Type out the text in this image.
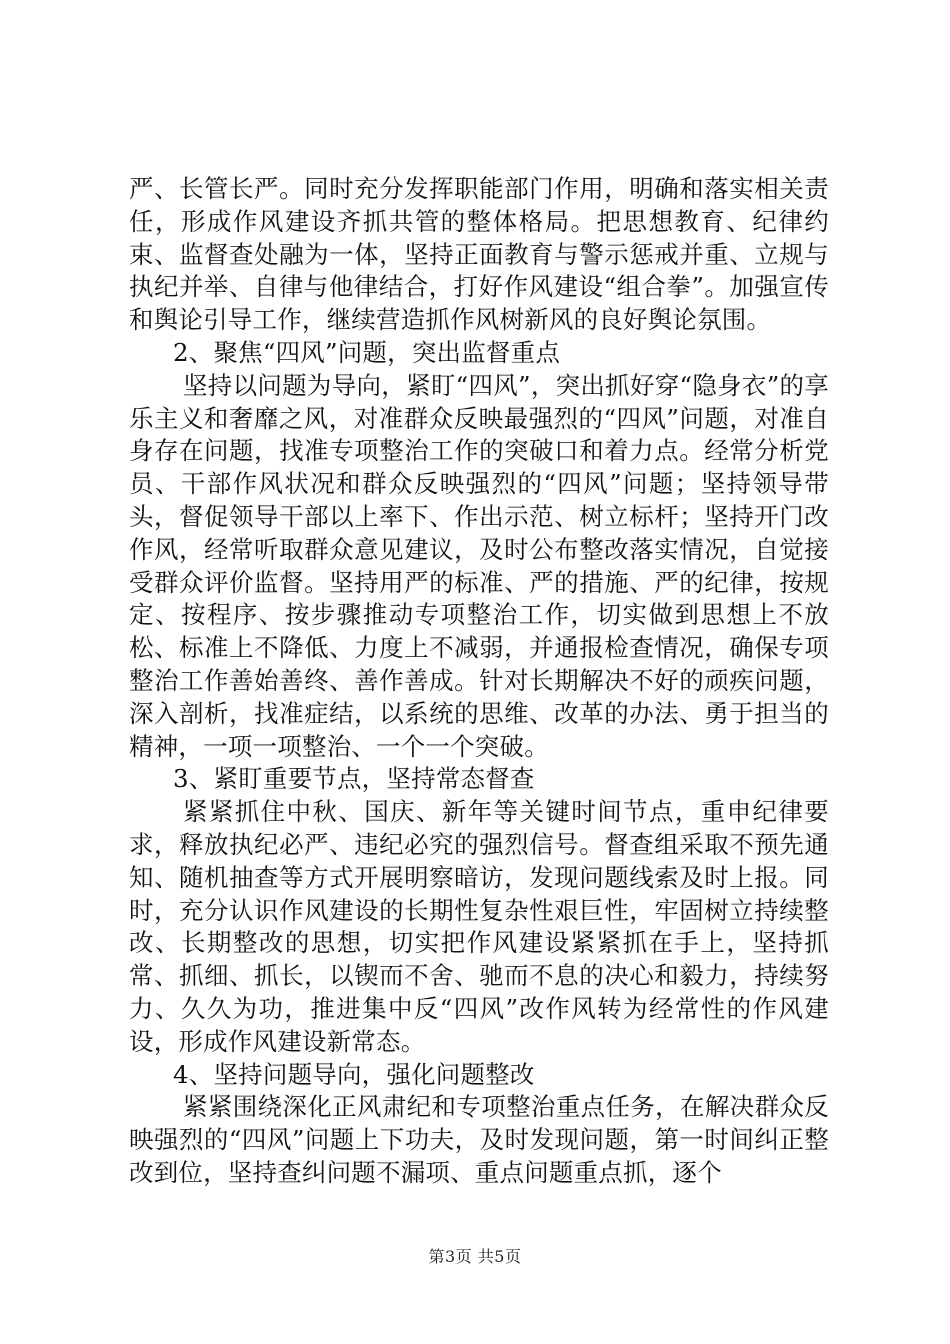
严、长管长严。同时充分发挥职能部门作用，明确和落实相关责任，形成作风建设齐抓共管的整体格局。把思想教育、纪律约束、监督查处融为一体，坚持正面教育与警示惩戒并重、立规与执纪并举、自律与他律结合，打好作风建设“组合拳”。加强宣传和舆论引导工作，继续营造抓作风树新风的良好舆论氛围。

2、聚焦“四风”问题，突出监督重点

坚持以问题为导向，紧盯“四风”，突出抓好穿“隐身衣”的享乐主义和奢靡之风，对准群众反映最强烈的“四风”问题，对准自身存在问题，找准专项整治工作的突破口和着力点。经常分析党员、干部作风状况和群众反映强烈的“四风”问题；坚持领导带头，督促领导干部以上率下、作出示范、树立标杆；坚持开门改作风，经常听取群众意见建议，及时公布整改落实情况，自觉接受群众评价监督。坚持用严的标准、严的措施、严的纪律，按规定、按程序、按步骤推动专项整治工作，切实做到思想上不放松、标准上不降低、力度上不减弱，并通报检查情况，确保专项整治工作善始善终、善作善成。针对长期解决不好的顽疾问题，深入剖析，找准症结，以系统的思维、改革的办法、勇于担当的精神，一项一项整治、一个一个突破。

3、紧盯重要节点，坚持常态督查

紧紧抓住中秋、国庆、新年等关键时间节点，重申纪律要求，释放执纪必严、违纪必究的强烈信号。督查组采取不预先通知、随机抽查等方式开展明察暗访，发现问题线索及时上报。同时，充分认识作风建设的长期性复杂性艰巨性，牢固树立持续整改、长期整改的思想，切实把作风建设紧紧抓在手上，坚持抓常、抓细、抓长，以锲而不舍、驰而不息的决心和毅力，持续努力、久久为功，推进集中反“四风”改作风转为经常性的作风建设，形成作风建设新常态。

4、坚持问题导向，强化问题整改

紧紧围绕深化正风肃纪和专项整治重点任务，在解决群众反映强烈的“四风”问题上下功夫，及时发现问题，第一时间纠正整改到位，坚持查纠问题不漏项、重点问题重点抓，逐个

第3页 共5页
